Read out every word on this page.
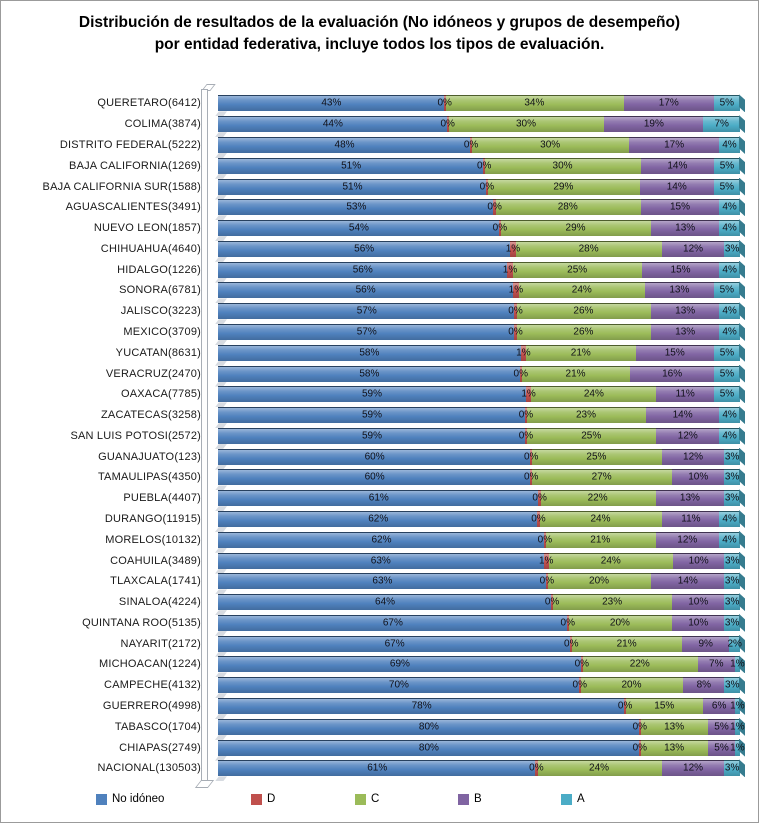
Distribución de resultados de la evaluación (No idóneos y grupos de desempeño) por entidad federativa, incluye todos los tipos de evaluación.
QUERETARO(6412)	43%	0%	34%	17%	5%
COLIMA(3874)	44%	0%	30%	19%	7%
DISTRITO FEDERAL(5222)	48%	0%	30%	17%	4%
BAJA CALIFORNIA(1269)	51%	0%	30%	14%	5%
BAJA CALIFORNIA SUR(1588)	51%	0%	29%	14%	5%
AGUASCALIENTES(3491)	53%	0%	28%	15%	4%
NUEVO LEON(1857)	54%	0%	29%	13%	4%
CHIHUAHUA(4640)	56%	1%	28%	12% 3%
HIDALGO(1226)	56%	1%	25%	15%	4%
SONORA(6781)	56%	1%	24%	13%	5%
JALISCO(3223)	57%	0%	26%	13%	4%
MEXICO(3709)	57%	0%	26%	13%	4%
YUCATAN(8631)	58%	1%	21%	15%	5%
VERACRUZ(2470)	58%	0%	21%	16%	5%
OAXACA(7785)	59%	1%	24%	11% 5%
ZACATECAS(3258)	59%	0%	23%	14%	4%
SAN LUIS POTOSI(2572)	59%	0%	25%	12% 4%
GUANAJUATO(123)	60%	0%	25%	12% 3%
TAMAULIPAS(4350)	60%	0%	27%	10% 3%
PUEBLA(4407)	61%	0%	22%	13% 3%
DURANGO(11915)	62%	0%	24%	11% 4%
MORELOS(10132)	62%	0%	21%	12% 4%
COAHUILA(3489)	63%	1%	24%	10% 3%
TLAXCALA(1741)	63%	0%	20%	14%	3%
SINALOA(4224)	64%	0%	23%	10% 3%
QUINTANA ROO(5135)	67%	0%	20%	10% 3%
NAYARIT(2172)	67%	0%	21%	9% 2%
MICHOACAN(1224)	69%	0%	22%	7% 1%
CAMPECHE(4132)	70%	0%	20%	8% 3%
GUERRERO(4998)	78%	0% 15%	6% 1%
TABASCO(1704)	80%	0% 13%	5% 1%
CHIAPAS(2749)	80%	0% 13%	5% 1%
NACIONAL(130503)	61%	0%	24%	12% 3%
No idóneo	D	C	B	A
